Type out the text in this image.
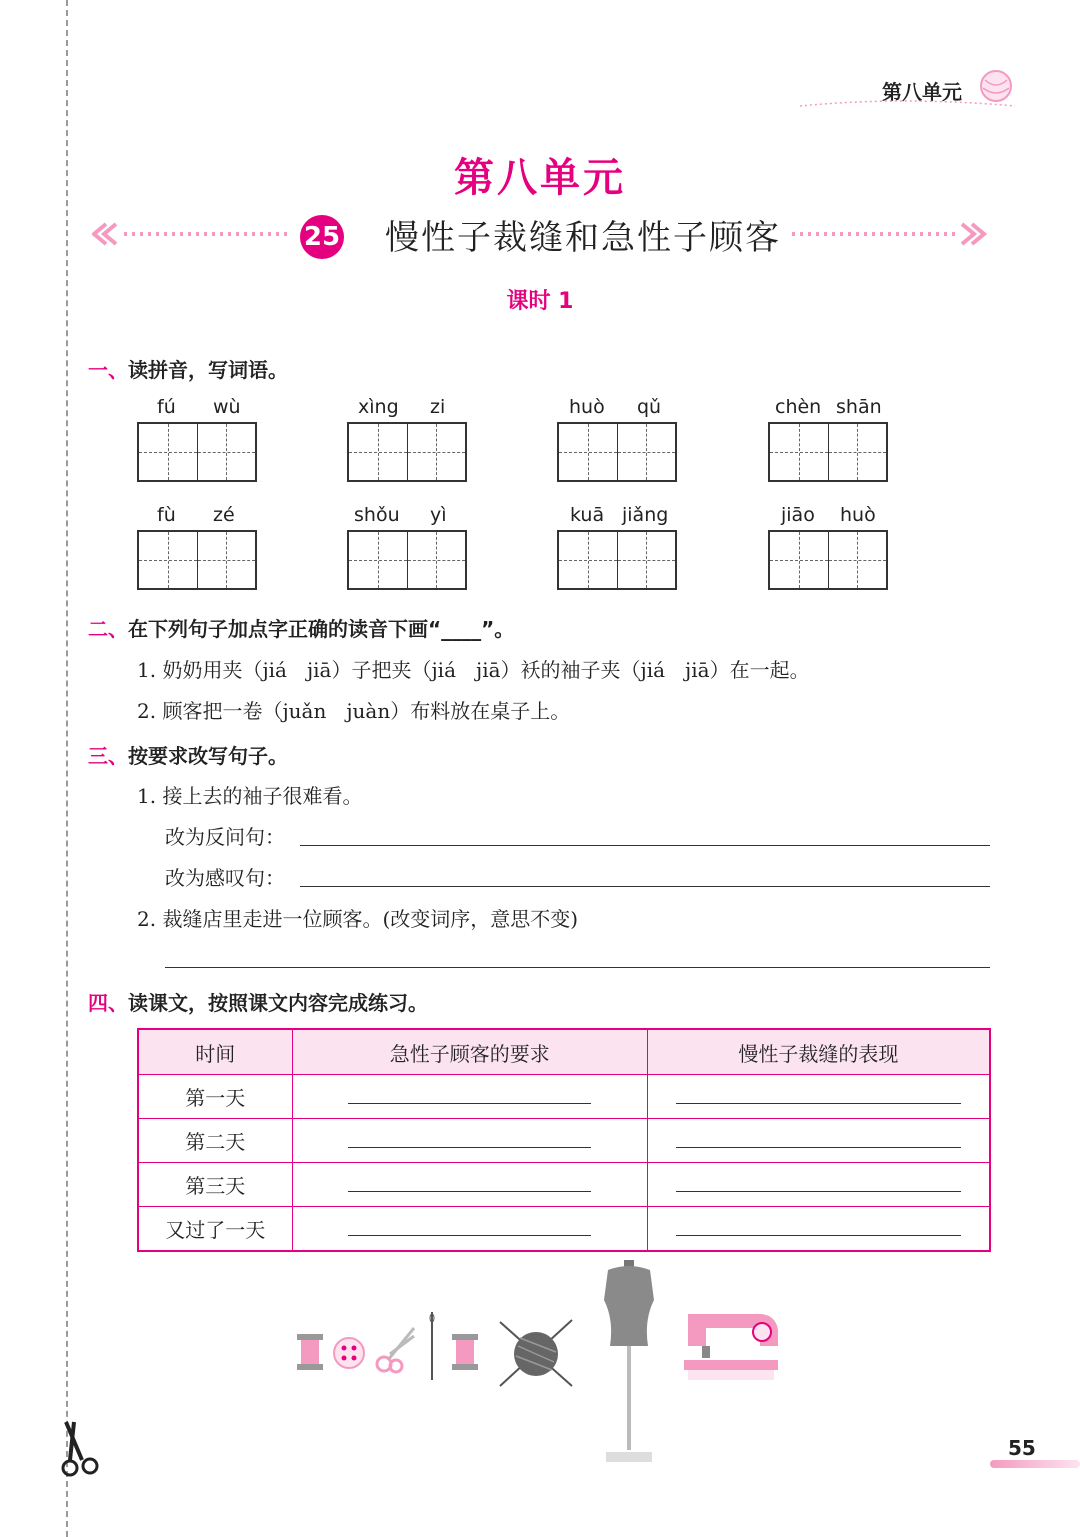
第八单元
第八单元
25 慢性子裁缝和急性子顾客
课时 1
一、读拼音，写词语。
fú wù	xìng zi	huò qǔ	chèn shān
fù zé	shǒu yì	kuā jiǎng	jiāo huò
二、在下列句子加点字正确的读音下画“____”。
1. 奶奶用夹（jiá　jiā）子把夹（jiá　jiā）袄的袖子夹（jiá　jiā）在一起。
2. 顾客把一卷（juǎn　juàn）布料放在桌子上。
三、按要求改写句子。
1. 接上去的袖子很难看。
改为反问句：
改为感叹句：
2. 裁缝店里走进一位顾客。(改变词序，意思不变)
四、读课文，按照课文内容完成练习。
时间	急性子顾客的要求	慢性子裁缝的表现
第一天		
第二天		
第三天		
又过了一天		
55
